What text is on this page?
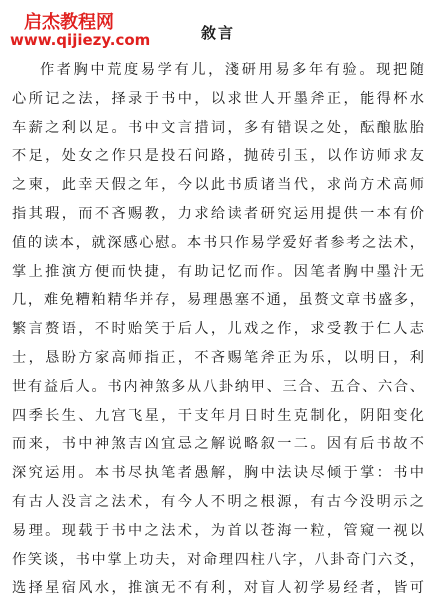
启杰教程网
www.qijiezy.com	敘言
作者胸中荒度易学有儿，淺研用易多年有验。现把随
心所记之法，择录于书中，以求世人开墨斧正，能得杯水
车薪之利以足。书中文言措词，多有错误之处，酝酿肱胎
不足，处女之作只是投石问路，抛砖引玉，以作访师求友
之柬，此幸天假之年，今以此书质诸当代，求尚方术高师
指其瑕，而不吝赐教，力求给读者研究运用提供一本有价
值的读本，就深感心慰。本书只作易学爱好者参考之法术，
掌上推演方便而快捷，有助记忆而作。因笔者胸中墨汁无
几，难免糟粕精华并存，易理愚塞不通，虽赘文章书盛多，
繁言赘语，不时贻笑于后人，儿戏之作，求受教于仁人志
士，恳盼方家高师指正，不吝赐笔斧正为乐，以明日，利
世有益后人。书内神煞多从八卦纳甲、三合、五合、六合、
四季长生、九宫飞星，干支年月日时生克制化，阴阳变化
而来，书中神煞吉凶宜忌之解说略叙一二。因有后书故不
深究运用。本书尽执笔者愚解，胸中法诀尽倾于掌：书中
有古人没言之法术，有今人不明之根源，有古今没明示之
易理。现载于书中之法术，为首以苍海一粒，管窥一视以
作笑谈，书中掌上功夫，对命理四柱八字，八卦奇门六爻，
选择星宿风水，推演无不有利，对盲人初学易经者，皆可
